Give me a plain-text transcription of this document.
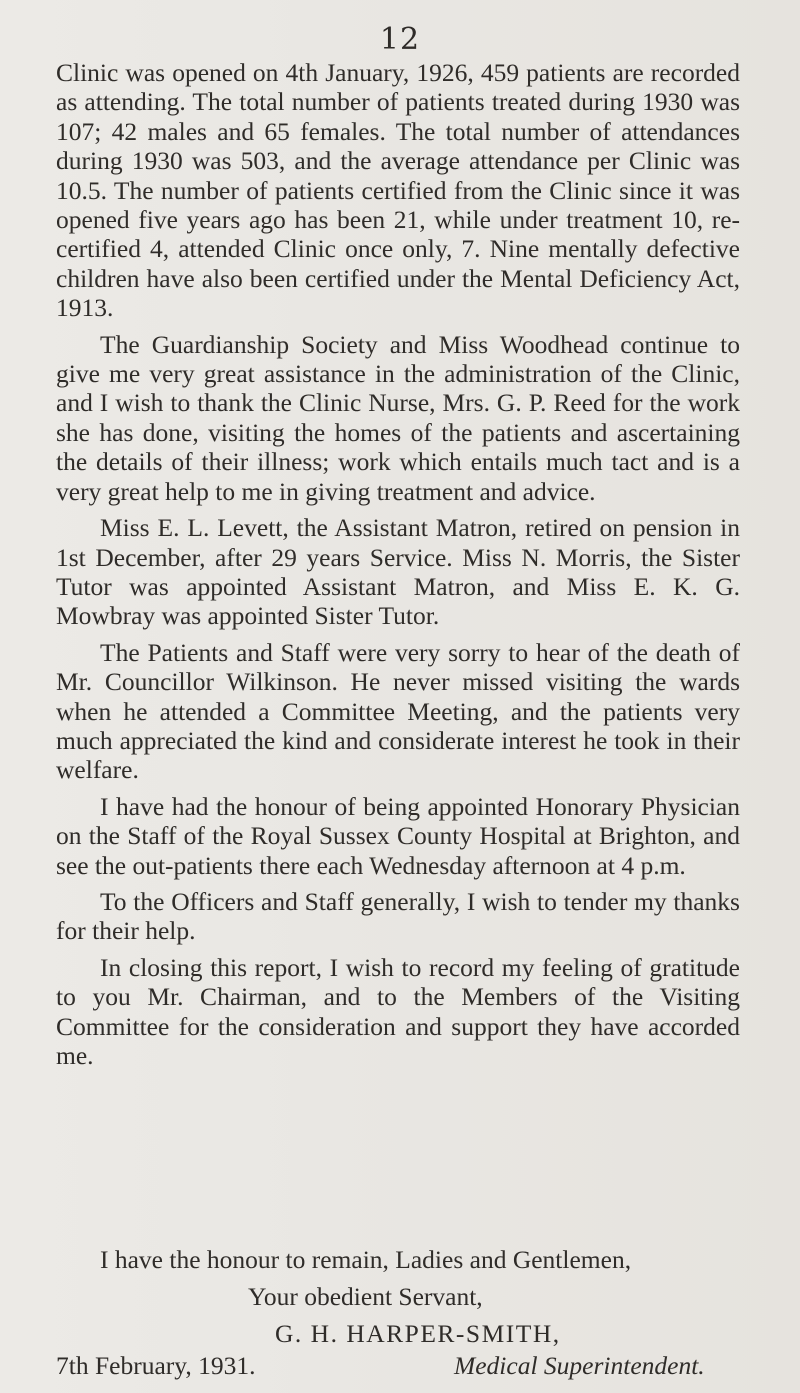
12

Clinic was opened on 4th January, 1926, 459 patients are recorded as attending. The total number of patients treated during 1930 was 107; 42 males and 65 females. The total number of attendances during 1930 was 503, and the average attendance per Clinic was 10.5. The number of patients certified from the Clinic since it was opened five years ago has been 21, while under treatment 10, re-certified 4, attended Clinic once only, 7. Nine mentally defective children have also been certified under the Mental Deficiency Act, 1913.

The Guardianship Society and Miss Woodhead continue to give me very great assistance in the administration of the Clinic, and I wish to thank the Clinic Nurse, Mrs. G. P. Reed for the work she has done, visiting the homes of the patients and ascertaining the details of their illness; work which entails much tact and is a very great help to me in giving treatment and advice.

Miss E. L. Levett, the Assistant Matron, retired on pension in 1st December, after 29 years Service. Miss N. Morris, the Sister Tutor was appointed Assistant Matron, and Miss E. K. G. Mowbray was appointed Sister Tutor.

The Patients and Staff were very sorry to hear of the death of Mr. Councillor Wilkinson. He never missed visiting the wards when he attended a Committee Meeting, and the patients very much appreciated the kind and considerate interest he took in their welfare.

I have had the honour of being appointed Honorary Physician on the Staff of the Royal Sussex County Hospital at Brighton, and see the out-patients there each Wednesday afternoon at 4 p.m.

To the Officers and Staff generally, I wish to tender my thanks for their help.

In closing this report, I wish to record my feeling of gratitude to you Mr. Chairman, and to the Members of the Visiting Committee for the consideration and support they have accorded me.

I have the honour to remain, Ladies and Gentlemen,
Your obedient Servant,
G. H. HARPER-SMITH,
7th February, 1931.	Medical Superintendent.
